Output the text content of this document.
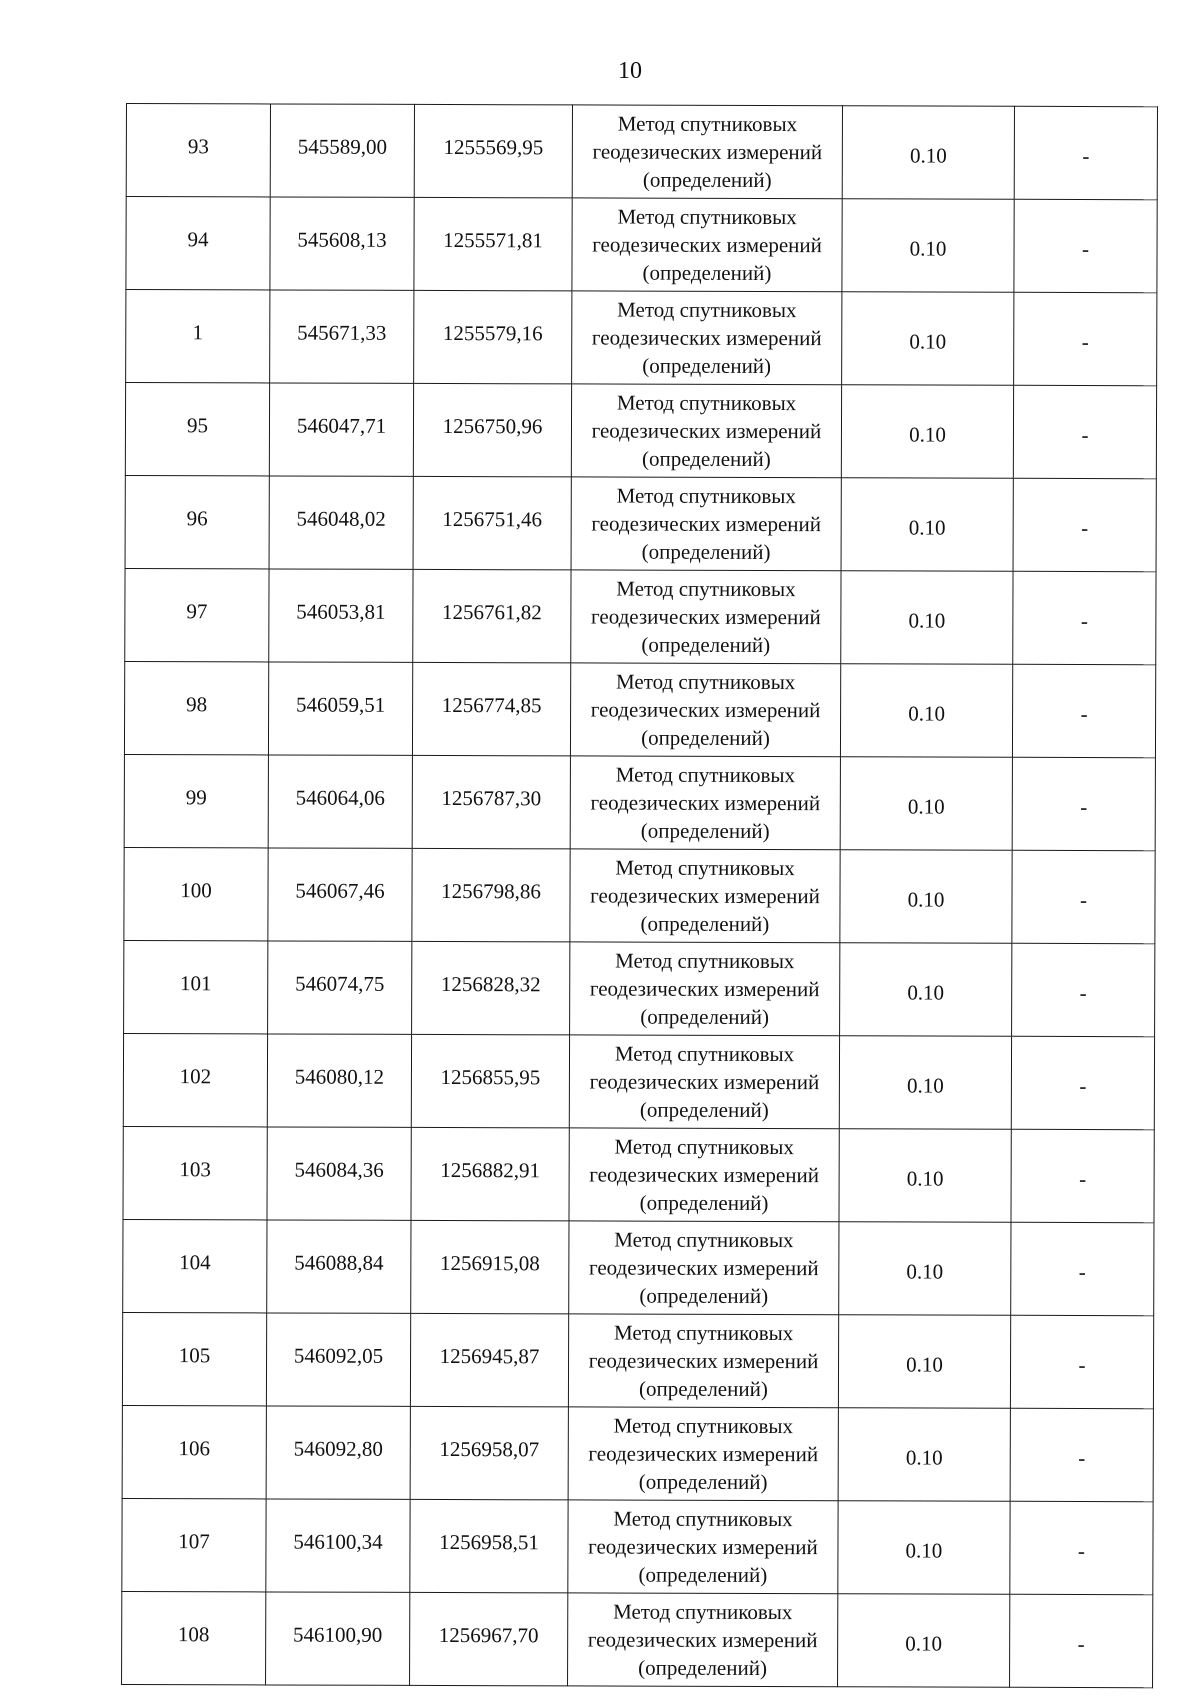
10
93	545589,00	1255569,95	Метод спутниковых
геодезических измерений
(определений)	0.10	-
94	545608,13	1255571,81	Метод спутниковых
геодезических измерений
(определений)	0.10	-
1	545671,33	1255579,16	Метод спутниковых
геодезических измерений
(определений)	0.10	-
95	546047,71	1256750,96	Метод спутниковых
геодезических измерений
(определений)	0.10	-
96	546048,02	1256751,46	Метод спутниковых
геодезических измерений
(определений)	0.10	-
97	546053,81	1256761,82	Метод спутниковых
геодезических измерений
(определений)	0.10	-
98	546059,51	1256774,85	Метод спутниковых
геодезических измерений
(определений)	0.10	-
99	546064,06	1256787,30	Метод спутниковых
геодезических измерений
(определений)	0.10	-
100	546067,46	1256798,86	Метод спутниковых
геодезических измерений
(определений)	0.10	-
101	546074,75	1256828,32	Метод спутниковых
геодезических измерений
(определений)	0.10	-
102	546080,12	1256855,95	Метод спутниковых
геодезических измерений
(определений)	0.10	-
103	546084,36	1256882,91	Метод спутниковых
геодезических измерений
(определений)	0.10	-
104	546088,84	1256915,08	Метод спутниковых
геодезических измерений
(определений)	0.10	-
105	546092,05	1256945,87	Метод спутниковых
геодезических измерений
(определений)	0.10	-
106	546092,80	1256958,07	Метод спутниковых
геодезических измерений
(определений)	0.10	-
107	546100,34	1256958,51	Метод спутниковых
геодезических измерений
(определений)	0.10	-
108	546100,90	1256967,70	Метод спутниковых
геодезических измерений
(определений)	0.10	-
